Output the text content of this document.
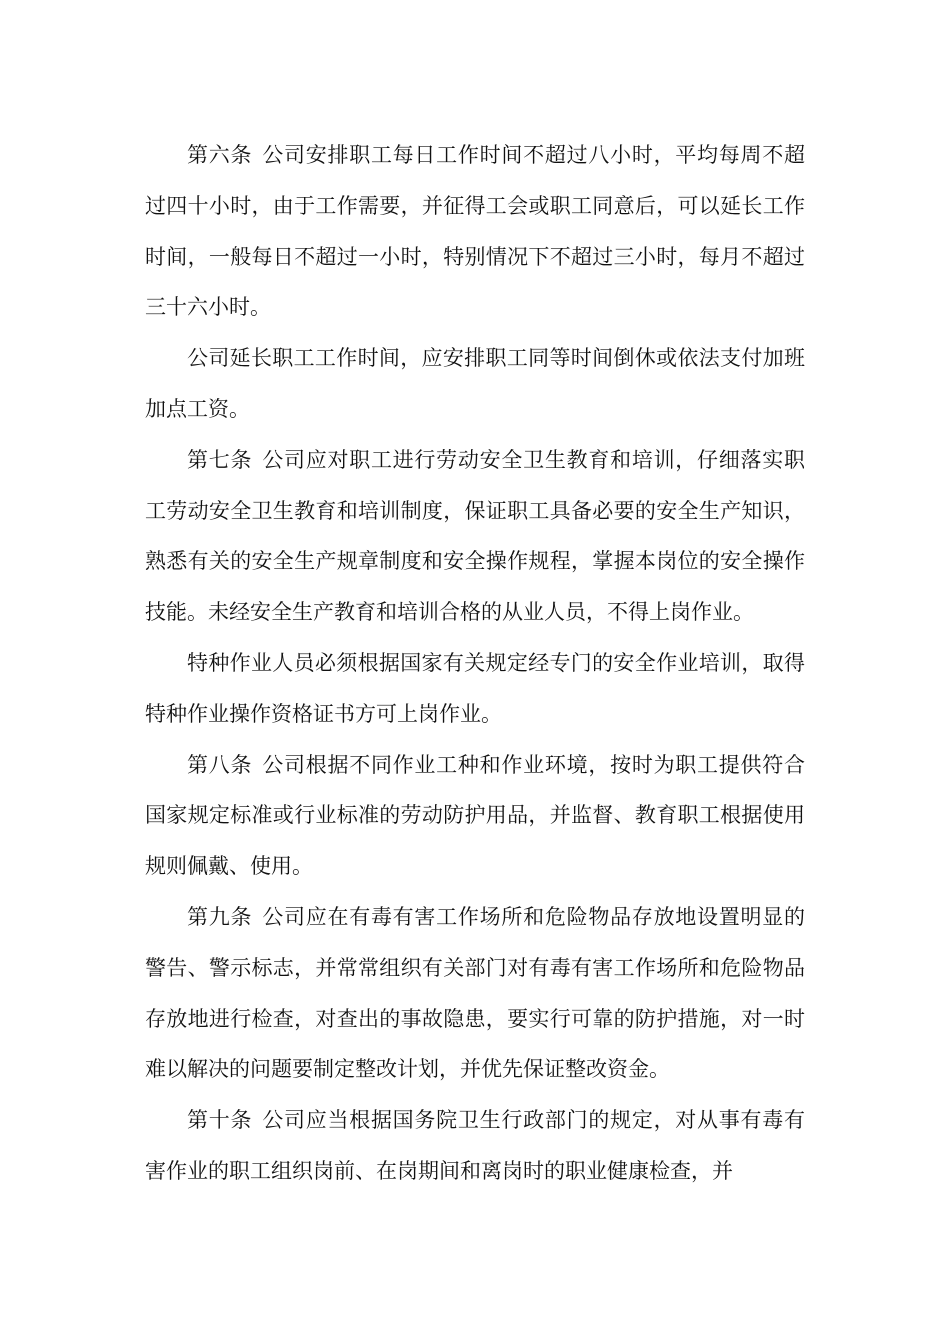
第六条 公司安排职工每日工作时间不超过八小时，平均每周不超过四十小时，由于工作需要，并征得工会或职工同意后，可以延长工作时间，一般每日不超过一小时，特别情况下不超过三小时，每月不超过三十六小时。

公司延长职工工作时间，应安排职工同等时间倒休或依法支付加班加点工资。

第七条 公司应对职工进行劳动安全卫生教育和培训，仔细落实职工劳动安全卫生教育和培训制度，保证职工具备必要的安全生产知识，熟悉有关的安全生产规章制度和安全操作规程，掌握本岗位的安全操作技能。未经安全生产教育和培训合格的从业人员，不得上岗作业。

特种作业人员必须根据国家有关规定经专门的安全作业培训，取得特种作业操作资格证书方可上岗作业。

第八条 公司根据不同作业工种和作业环境，按时为职工提供符合国家规定标准或行业标准的劳动防护用品，并监督、教育职工根据使用规则佩戴、使用。

第九条 公司应在有毒有害工作场所和危险物品存放地设置明显的警告、警示标志，并常常组织有关部门对有毒有害工作场所和危险物品存放地进行检查，对查出的事故隐患，要实行可靠的防护措施，对一时难以解决的问题要制定整改计划，并优先保证整改资金。

第十条 公司应当根据国务院卫生行政部门的规定，对从事有毒有害作业的职工组织岗前、在岗期间和离岗时的职业健康检查，并
